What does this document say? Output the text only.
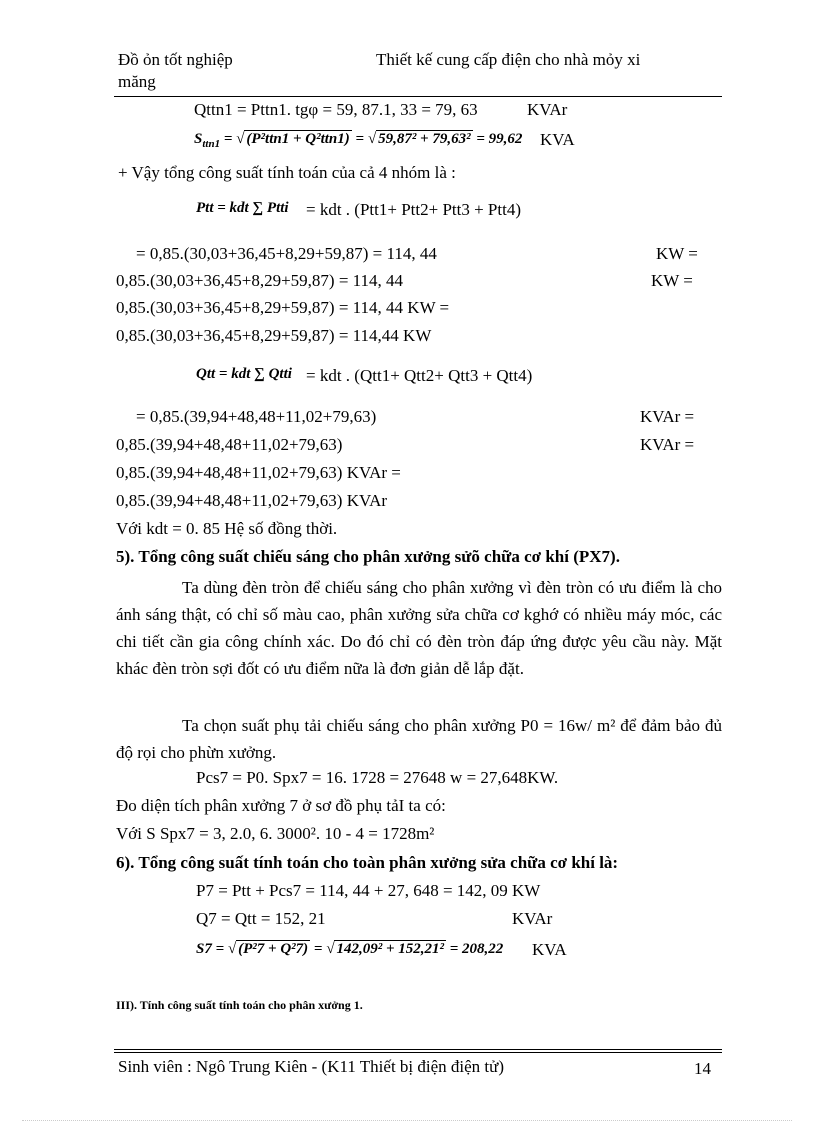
Đồ ỏn tốt nghiệp	Thiết kế cung cấp điện cho nhà mỏy xi
măng
Qttn1 = Pttn1. tgφ = 59, 87.1, 33 = 79, 63	KVAr
$S_{ttn1}$ = √ (P²ttn1 + Q²ttn1) = √ 59,87² + 79,63² = 99,62 KVA
+ Vậy tổng công suất tính toán của cả 4 nhóm là :
Ptt = kdt ∑ Ptti = kdt . (Ptt1+ Ptt2+ Ptt3 + Ptt4)
= 0,85.(30,03+36,45+8,29+59,87) = 114, 44	KW =
0,85.(30,03+36,45+8,29+59,87) = 114, 44	KW =
0,85.(30,03+36,45+8,29+59,87) = 114, 44 KW =
0,85.(30,03+36,45+8,29+59,87) = 114,44 KW
Qtt = kdt ∑ Qtti = kdt . (Qtt1+ Qtt2+ Qtt3 + Qtt4)
= 0,85.(39,94+48,48+11,02+79,63)	KVAr =
0,85.(39,94+48,48+11,02+79,63)	KVAr =
0,85.(39,94+48,48+11,02+79,63) KVAr =
0,85.(39,94+48,48+11,02+79,63) KVAr
Với kdt = 0. 85 Hệ số đồng thời.
5). Tổng công suất chiếu sáng cho phân xưởng sửõ chữa cơ khí (PX7).
Ta dùng đèn tròn để chiếu sáng cho phân xưởng vì đèn tròn có ưu điểm là cho ánh sáng thật, có chỉ số màu cao, phân xưởng sửa chữa cơ kghớ có nhiều máy móc, các chi tiết cần gia công chính xác. Do đó chỉ có đèn tròn đáp ứng được yêu cầu này. Mặt khác đèn tròn sợi đốt có ưu điểm nữa là đơn giản dễ lắp đặt.
Ta chọn suất phụ tải chiếu sáng cho phân xưởng P0 = 16w/ m² để đảm bảo đủ độ rọi cho phừn xưởng.
Pcs7 = P0. Spx7 = 16. 1728 = 27648 w = 27,648KW.
Đo diện tích phân xưởng 7 ở sơ đồ phụ tảI ta có:
Với S Spx7 = 3, 2.0, 6. 3000². 10 - 4 = 1728m²
6). Tổng công suất tính toán cho toàn phân xưởng sửa chữa cơ khí là:
P7 = Ptt + Pcs7 = 114, 44 + 27, 648 = 142, 09 KW
Q7 = Qtt = 152, 21	KVAr
S7 = √ (P²7 + Q²7) = √ 142,09² + 152,21² = 208,22 KVA
III). Tính công suất tính toán cho phân xưởng 1.
Sinh viên : Ngô Trung Kiên - (K11 Thiết bị điện điện tử)	14
